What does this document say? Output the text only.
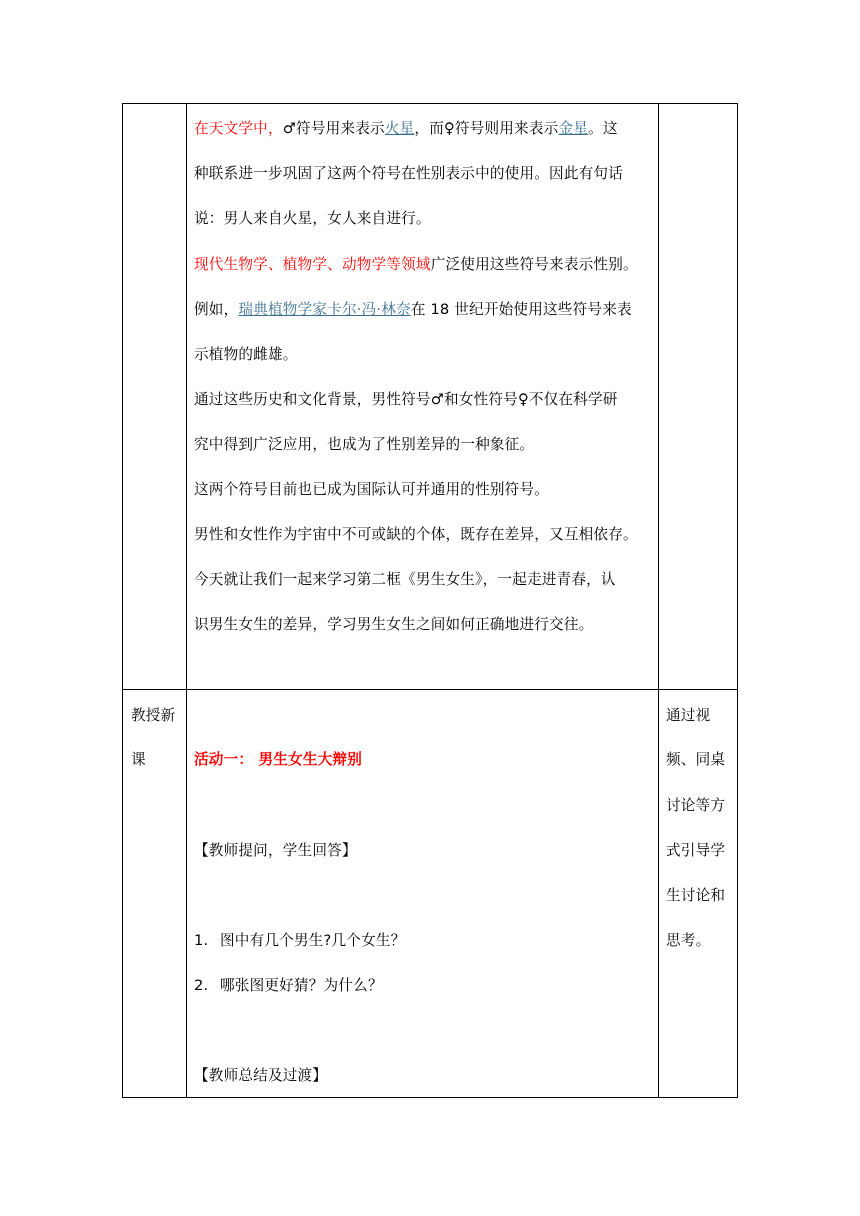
在天文学中，♂符号用来表示火星，而♀符号则用来表示金星。这
种联系进一步巩固了这两个符号在性别表示中的使用。因此有句话
说：男人来自火星，女人来自进行。
现代生物学、植物学、动物学等领域广泛使用这些符号来表示性别。
例如，瑞典植物学家卡尔·冯·林奈在 18 世纪开始使用这些符号来表
示植物的雌雄。
通过这些历史和文化背景，男性符号♂和女性符号♀不仅在科学研
究中得到广泛应用，也成为了性别差异的一种象征。
这两个符号目前也已成为国际认可并通用的性别符号。
男性和女性作为宇宙中不可或缺的个体，既存在差异，又互相依存。
今天就让我们一起来学习第二框《男生女生》，一起走进青春，认
识男生女生的差异，学习男生女生之间如何正确地进行交往。
教授新
课	活动一： 男生女生大辩别
【教师提问，学生回答】
1. 图中有几个男生?几个女生？
2. 哪张图更好猜？为什么？
【教师总结及过渡】
通过视
频、同桌
讨论等方
式引导学
生讨论和
思考。
